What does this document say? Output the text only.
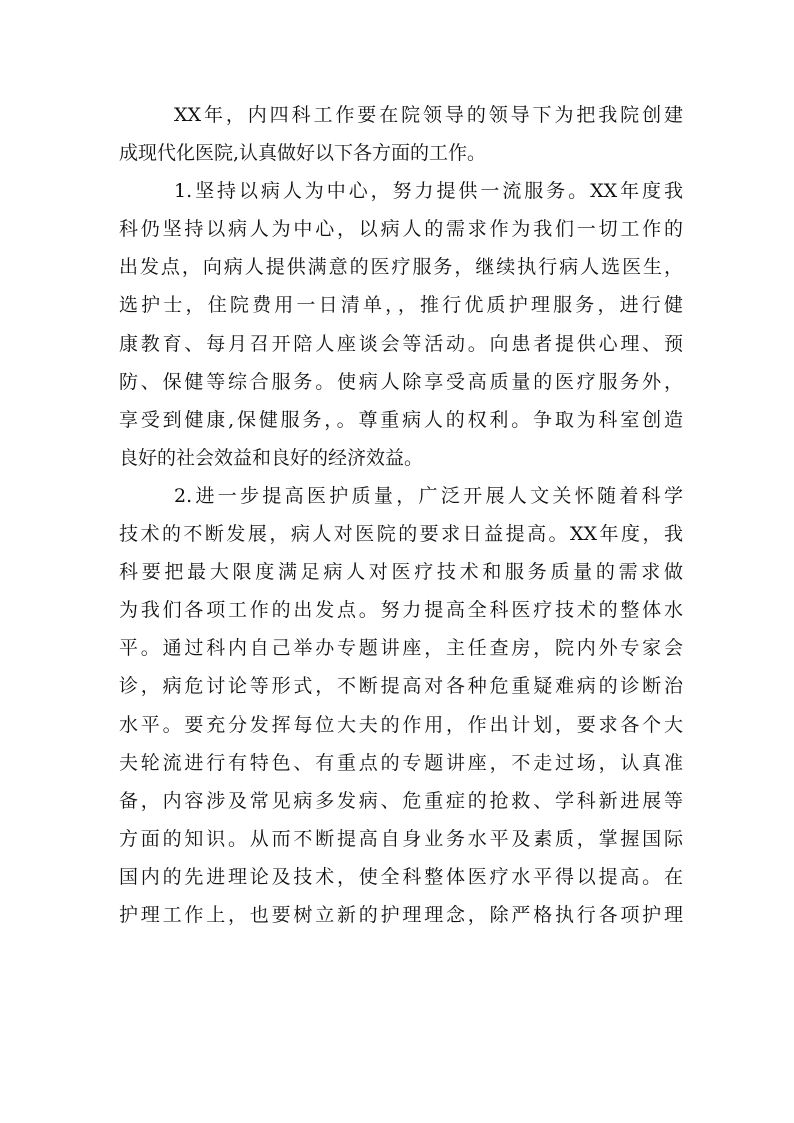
XX年，内四科工作要在院领导的领导下为把我院创建
成现代化医院,认真做好以下各方面的工作。
1.坚持以病人为中心，努力提供一流服务。XX年度我
科仍坚持以病人为中心，以病人的需求作为我们一切工作的
出发点，向病人提供满意的医疗服务，继续执行病人选医生，
选护士，住院费用一日清单，，推行优质护理服务，进行健
康教育、每月召开陪人座谈会等活动。向患者提供心理、预
防、保健等综合服务。使病人除享受高质量的医疗服务外，
享受到健康,保健服务，。尊重病人的权利。争取为科室创造
良好的社会效益和良好的经济效益。
2.进一步提高医护质量，广泛开展人文关怀随着科学
技术的不断发展，病人对医院的要求日益提高。XX年度，我
科要把最大限度满足病人对医疗技术和服务质量的需求做
为我们各项工作的出发点。努力提高全科医疗技术的整体水
平。通过科内自己举办专题讲座，主任查房，院内外专家会
诊，病危讨论等形式，不断提高对各种危重疑难病的诊断治
水平。要充分发挥每位大夫的作用，作出计划，要求各个大
夫轮流进行有特色、有重点的专题讲座，不走过场，认真准
备，内容涉及常见病多发病、危重症的抢救、学科新进展等
方面的知识。从而不断提高自身业务水平及素质，掌握国际
国内的先进理论及技术，使全科整体医疗水平得以提高。在
护理工作上，也要树立新的护理理念，除严格执行各项护理
